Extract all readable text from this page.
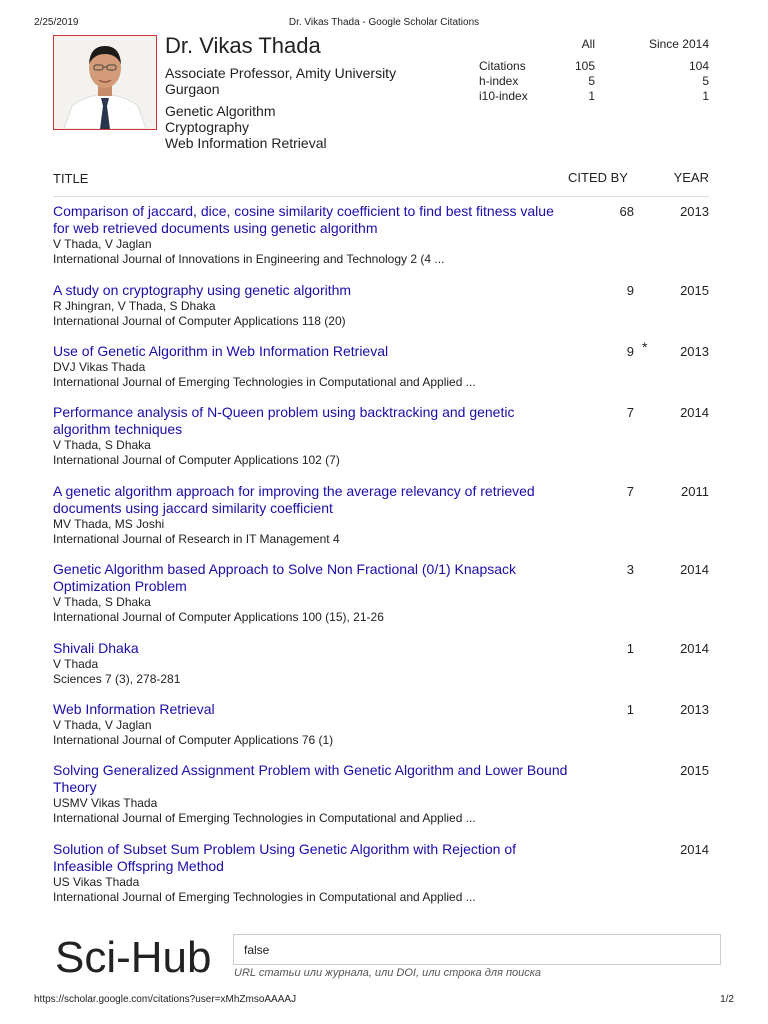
2/25/2019	Dr. Vikas Thada - Google Scholar Citations
Dr. Vikas Thada
Associate Professor, Amity University
Gurgaon
Genetic Algorithm
Cryptography
Web Information Retrieval
All	Since 2014
Citations	105	104
h-index	5	5
i10-index	1	1
TITLE	CITED BY	YEAR
Comparison of jaccard, dice, cosine similarity coefficient to find best fitness value for web retrieved documents using genetic algorithm
V Thada, V Jaglan
International Journal of Innovations in Engineering and Technology 2 (4 ...
68	2013
A study on cryptography using genetic algorithm
R Jhingran, V Thada, S Dhaka
International Journal of Computer Applications 118 (20)
9	2015
Use of Genetic Algorithm in Web Information Retrieval
DVJ Vikas Thada
International Journal of Emerging Technologies in Computational and Applied ...
9 *	2013
Performance analysis of N-Queen problem using backtracking and genetic algorithm techniques
V Thada, S Dhaka
International Journal of Computer Applications 102 (7)
7	2014
A genetic algorithm approach for improving the average relevancy of retrieved documents using jaccard similarity coefficient
MV Thada, MS Joshi
International Journal of Research in IT Management 4
7	2011
Genetic Algorithm based Approach to Solve Non Fractional (0/1) Knapsack Optimization Problem
V Thada, S Dhaka
International Journal of Computer Applications 100 (15), 21-26
3	2014
Shivali Dhaka
V Thada
Sciences 7 (3), 278-281
1	2014
Web Information Retrieval
V Thada, V Jaglan
International Journal of Computer Applications 76 (1)
1	2013
Solving Generalized Assignment Problem with Genetic Algorithm and Lower Bound Theory
USMV Vikas Thada
International Journal of Emerging Technologies in Computational and Applied ...
2015
Solution of Subset Sum Problem Using Genetic Algorithm with Rejection of Infeasible Offspring Method
US Vikas Thada
International Journal of Emerging Technologies in Computational and Applied ...
2014
Sci-Hub
false URL статьи или журнала, или DOI, или строка для поиска
https://scholar.google.com/citations?user=xMhZmsoAAAAJ	1/2
